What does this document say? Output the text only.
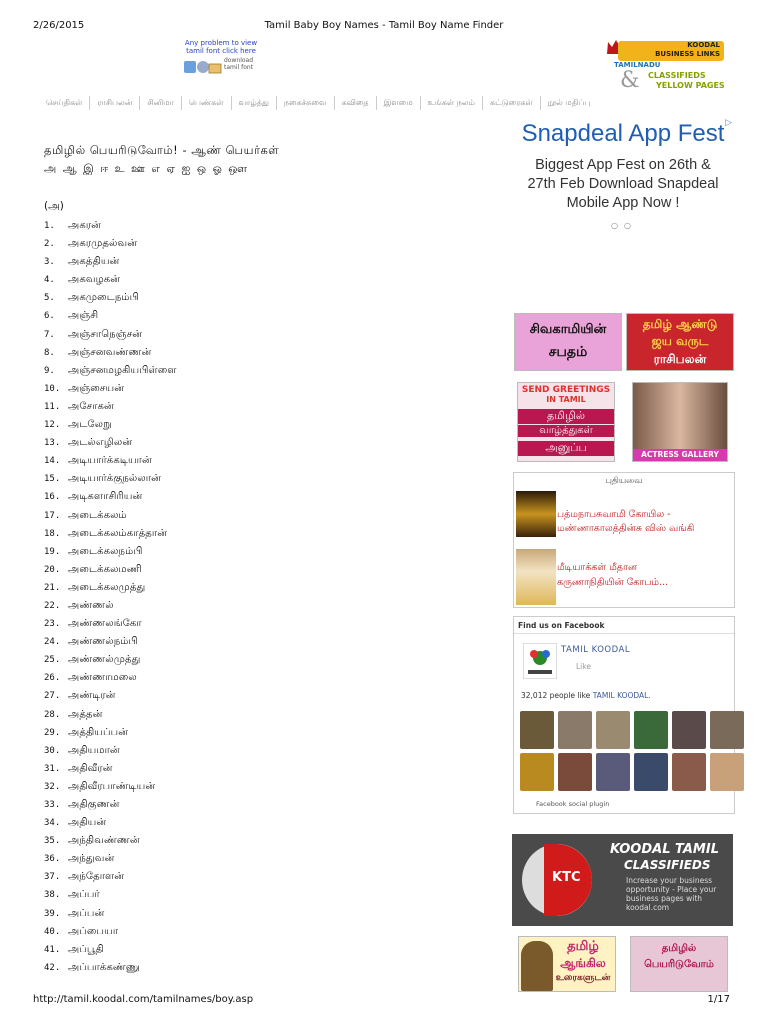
2/26/2015	Tamil Baby Boy Names - Tamil Boy Name Finder
Any problem to view
tamil font click here
download
tamil font
KOODAL
BUSINESS LINKS
TAMILNADU
& CLASSIFIEDS
YELLOW PAGES
செய்திகள்	ராசிபலன்	சினிமா	பெண்கள்	வாழ்த்து	நகைச்சுவை	கவிதை	இளமை	உங்கள் நலம்	கட்டுரைகள்	நூல் மதிப்பு
தமிழில் பெயரிடுவோம்! - ஆண் பெயர்கள்
அ ஆ இ ஈ உ ஊ எ ஏ ஐ ஒ ஓ ஔ
(அ)
1. அகரன்
2. அகரமுதல்வன்
3. அகத்தியன்
4. அகவழகன்
5. அகமுடைநம்பி
6. அஞ்சி
7. அஞ்சாநெஞ்சன்
8. அஞ்சனவண்ணன்
9. அஞ்சனமழகியபிள்ளை
10. அஞ்சையன்
11. அசோகன்
12. அடலேறு
13. அடல்எழிலன்
14. அடியார்க்கடியான்
15. அடியார்க்குநல்லான்
16. அடிகளாசிரியன்
17. அடைக்கலம்
18. அடைக்கலம்காத்தான்
19. அடைக்கலநம்பி
20. அடைக்கலமணி
21. அடைக்கலமுத்து
22. அண்ணல்
23. அண்ணலங்கோ
24. அண்ணல்நம்பி
25. அண்ணல்முத்து
26. அண்ணாமலை
27. அண்டிரன்
28. அத்தன்
29. அத்தியப்பன்
30. அதியமான்
31. அதிவீரன்
32. அதிவீரபாண்டியன்
33. அதிகுணன்
34. அதியன்
35. அந்திவண்ணன்
36. அந்துவன்
37. அந்தோளன்
38. அப்பர்
39. அப்பன்
40. அப்பையா
41. அப்பூதி
42. அப்பாக்கண்ணு
Snapdeal App Fest
Biggest App Fest on 26th &
27th Feb Download Snapdeal
Mobile App Now !
▷
○○
சிவகாமியின்
சபதம்
தமிழ் ஆண்டு
ஜய வருட
ராசிபலன்
SEND GREETINGS
IN TAMIL
தமிழில்
வாழ்த்துகள்
அனுப்ப
ACTRESS GALLERY
புதியவை
பத்மநாபசுவாமி கோயில -
மண்ணாகாலத்தின்சு விஸ் வங்கி
மீடியாக்கள் மீதான
கருணாநிதியின் கோபம்...
Find us on Facebook
TAMIL KOODAL
Like
32,012 people like TAMIL KOODAL.
Facebook social plugin
KTC
KOODAL TAMIL
CLASSIFIEDS
Increase your business opportunity - Place your business pages with koodal.com
தமிழ்
ஆங்கில
உரைகளுடன்
தமிழில்
பெயரிடுவோம்
http://tamil.koodal.com/tamilnames/boy.asp	1/17
